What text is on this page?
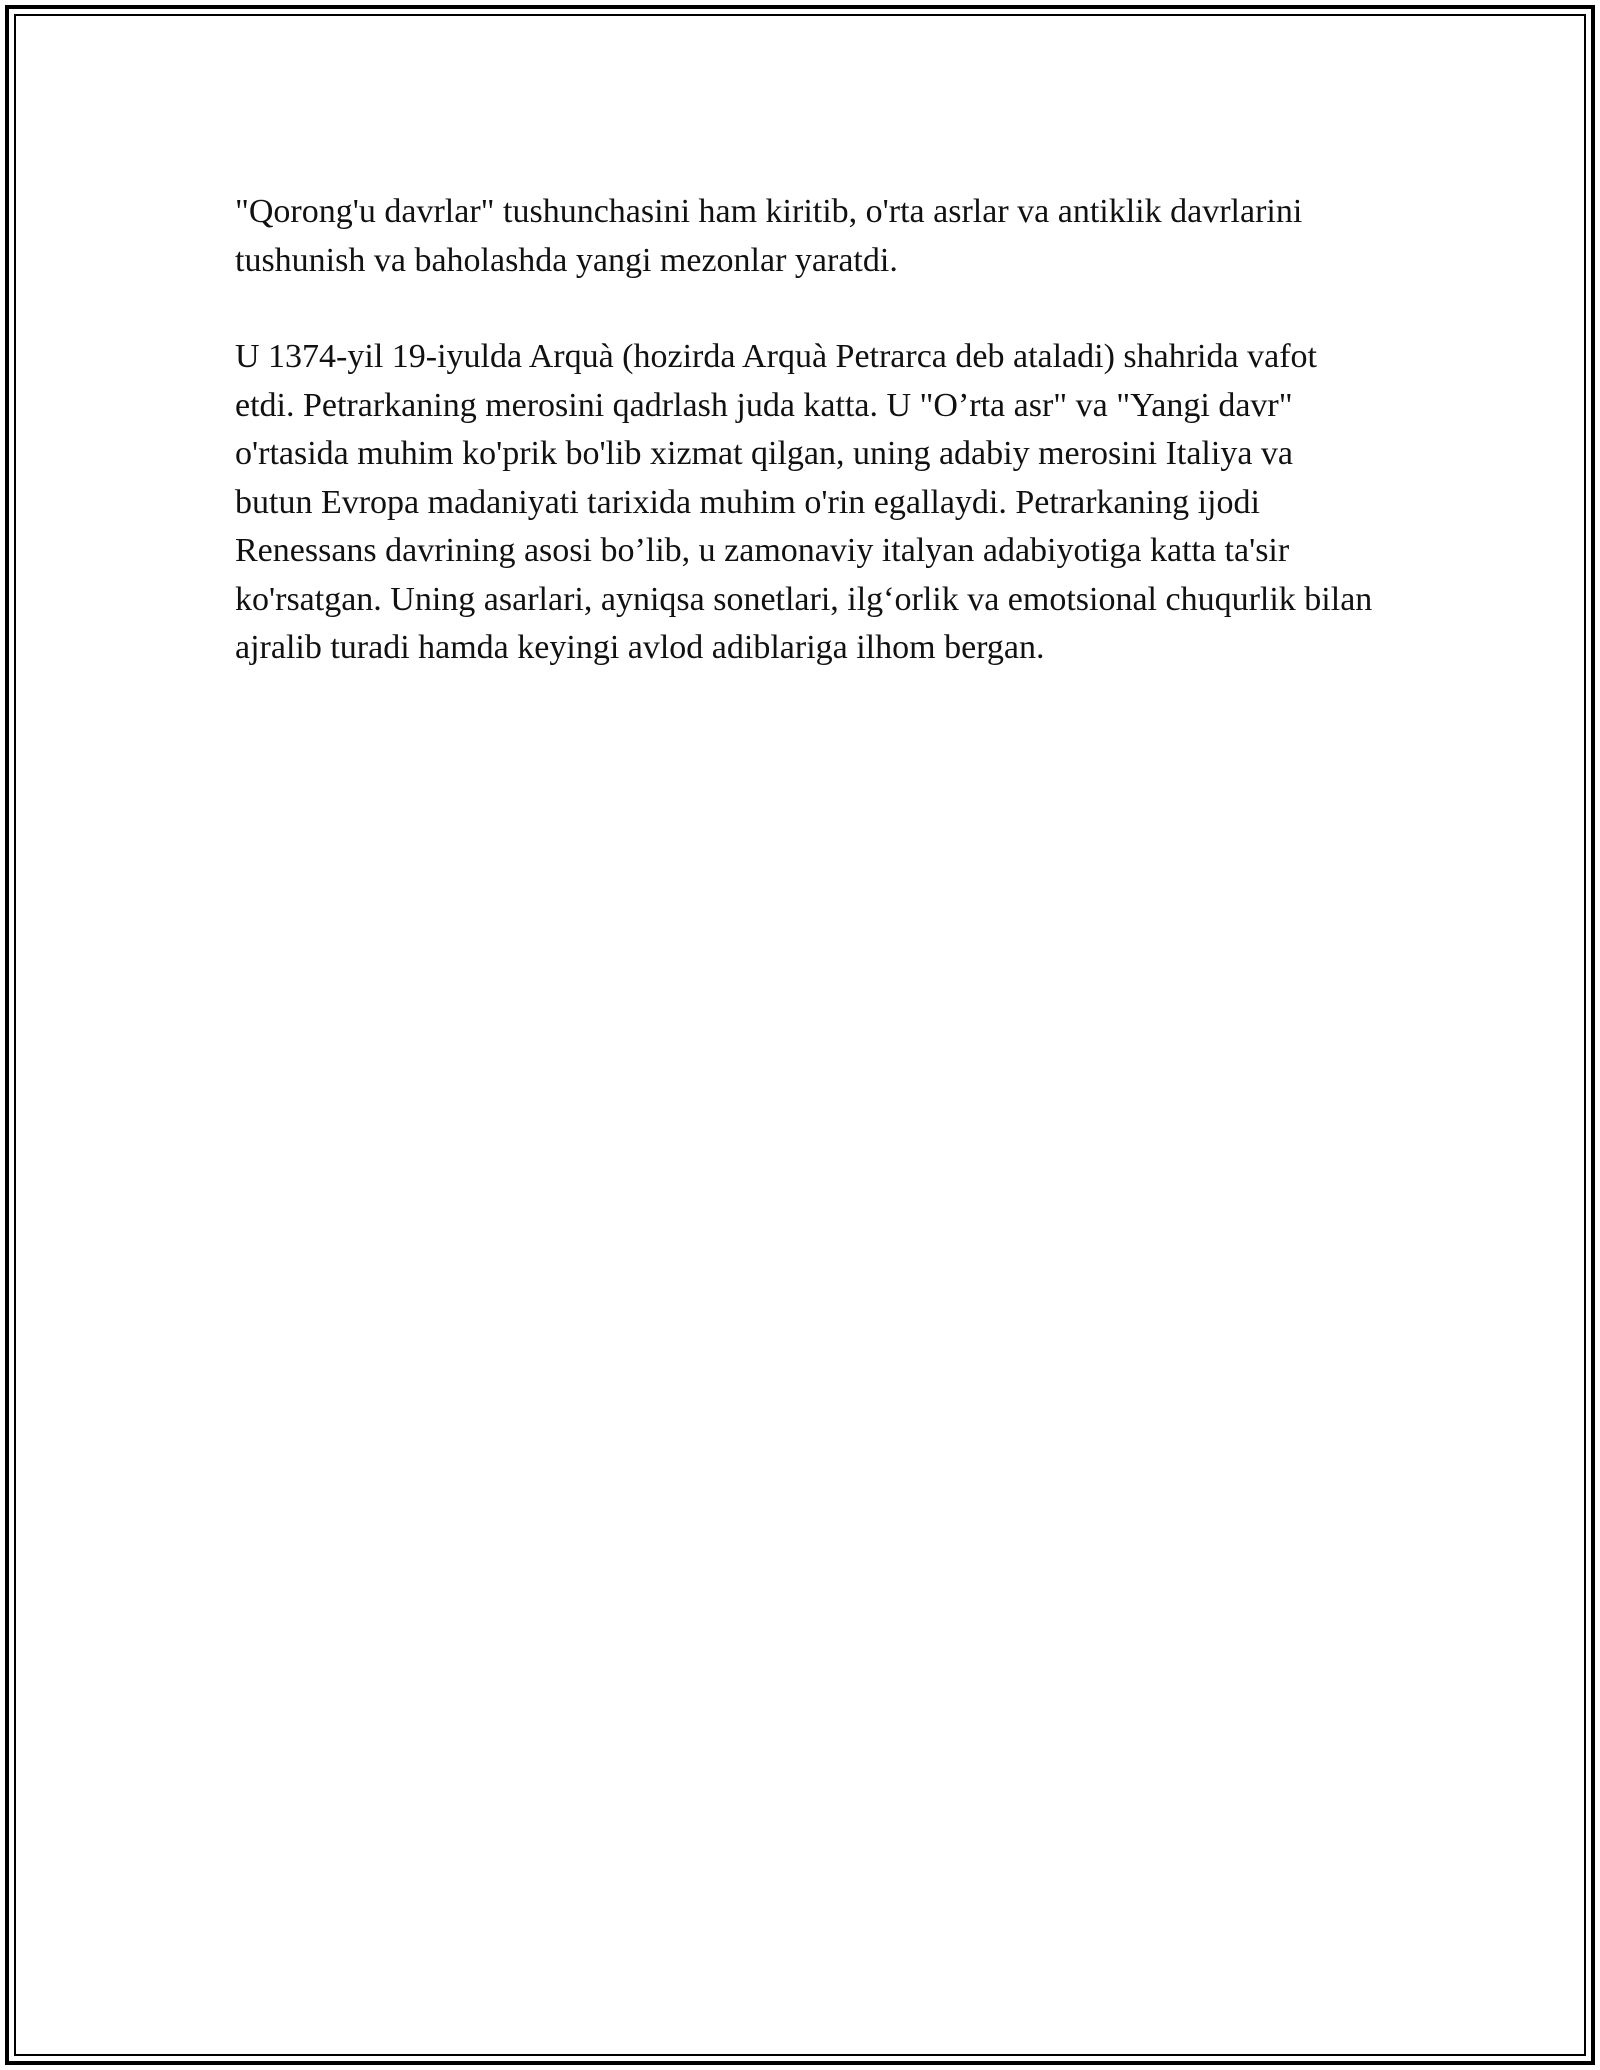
"Qorong'u davrlar" tushunchasini ham kiritib, o'rta asrlar va antiklik davrlarini tushunish va baholashda yangi mezonlar yaratdi.

U 1374-yil 19-iyulda Arquà (hozirda Arquà Petrarca deb ataladi) shahrida vafot etdi. Petrarkaning merosini qadrlash juda katta. U "O’rta asr" va "Yangi davr" o'rtasida muhim ko'prik bo'lib xizmat qilgan, uning adabiy merosini Italiya va butun Evropa madaniyati tarixida muhim o'rin egallaydi. Petrarkaning ijodi Renessans davrining asosi bo’lib, u zamonaviy italyan adabiyotiga katta ta'sir ko'rsatgan. Uning asarlari, ayniqsa sonetlari, ilg‘orlik va emotsional chuqurlik bilan ajralib turadi hamda keyingi avlod adiblariga ilhom bergan.
